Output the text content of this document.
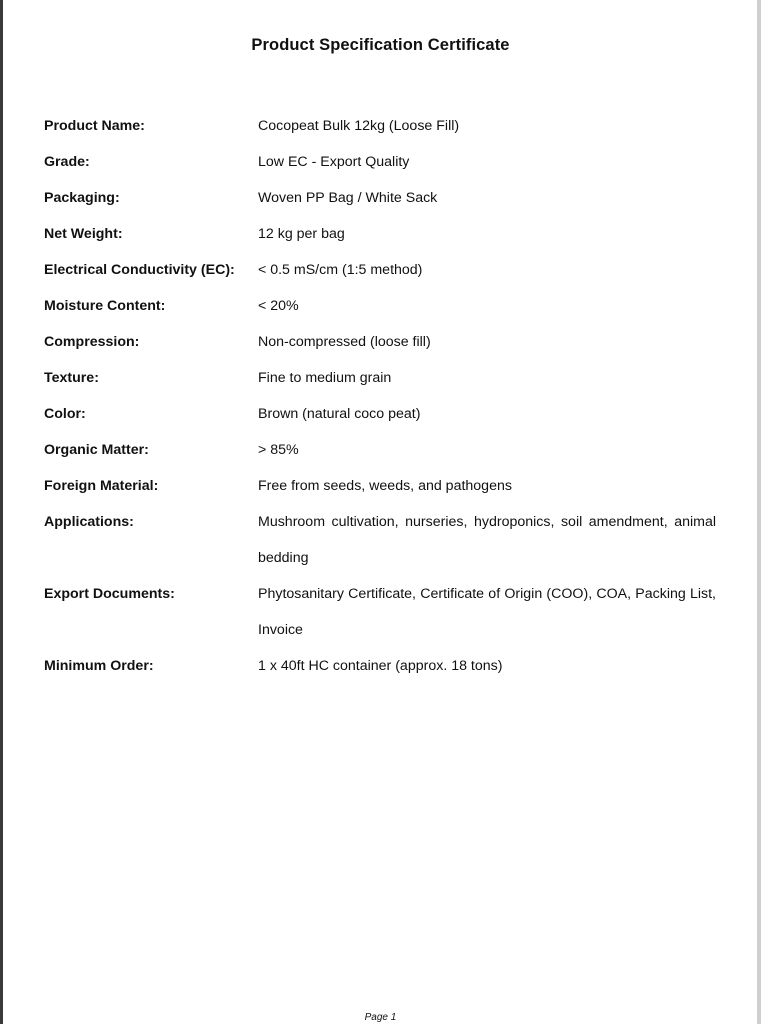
Product Specification Certificate
Product Name:	Cocopeat Bulk 12kg (Loose Fill)
Grade:	Low EC - Export Quality
Packaging:	Woven PP Bag / White Sack
Net Weight:	12 kg per bag
Electrical Conductivity (EC):	< 0.5 mS/cm (1:5 method)
Moisture Content:	< 20%
Compression:	Non-compressed (loose fill)
Texture:	Fine to medium grain
Color:	Brown (natural coco peat)
Organic Matter:	> 85%
Foreign Material:	Free from seeds, weeds, and pathogens
Applications:	Mushroom cultivation, nurseries, hydroponics, soil amendment, animal bedding
Export Documents:	Phytosanitary Certificate, Certificate of Origin (COO), COA, Packing List, Invoice
Minimum Order:	1 x 40ft HC container (approx. 18 tons)
Page 1
